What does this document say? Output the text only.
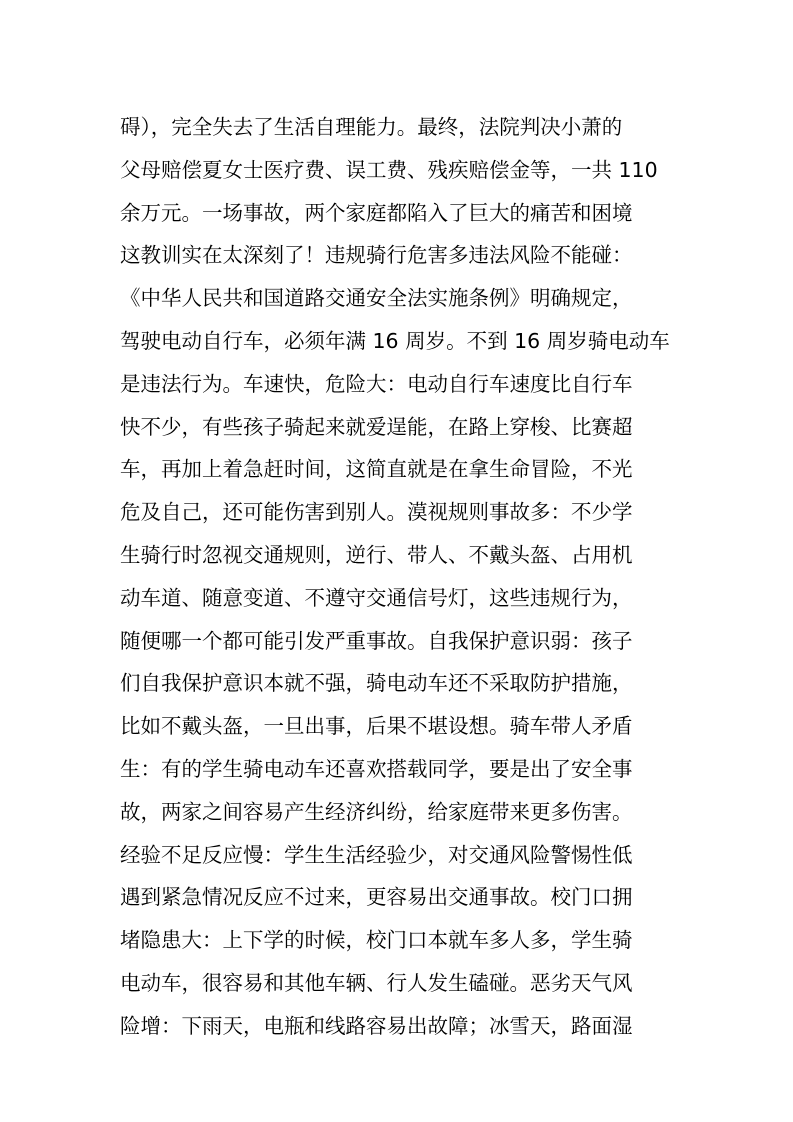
碍），完全失去了生活自理能力。最终，法院判决小萧的
父母赔偿夏女士医疗费、误工费、残疾赔偿金等，一共 110
余万元。一场事故，两个家庭都陷入了巨大的痛苦和困境
这教训实在太深刻了！违规骑行危害多违法风险不能碰：
《中华人民共和国道路交通安全法实施条例》明确规定，
驾驶电动自行车，必须年满 16 周岁。不到 16 周岁骑电动车
是违法行为。车速快，危险大：电动自行车速度比自行车
快不少，有些孩子骑起来就爱逞能，在路上穿梭、比赛超
车，再加上着急赶时间，这简直就是在拿生命冒险，不光
危及自己，还可能伤害到别人。漠视规则事故多：不少学
生骑行时忽视交通规则，逆行、带人、不戴头盔、占用机
动车道、随意变道、不遵守交通信号灯，这些违规行为，
随便哪一个都可能引发严重事故。自我保护意识弱：孩子
们自我保护意识本就不强，骑电动车还不采取防护措施，
比如不戴头盔，一旦出事，后果不堪设想。骑车带人矛盾
生：有的学生骑电动车还喜欢搭载同学，要是出了安全事
故，两家之间容易产生经济纠纷，给家庭带来更多伤害。
经验不足反应慢：学生生活经验少，对交通风险警惕性低
遇到紧急情况反应不过来，更容易出交通事故。校门口拥
堵隐患大：上下学的时候，校门口本就车多人多，学生骑
电动车，很容易和其他车辆、行人发生磕碰。恶劣天气风
险增：下雨天，电瓶和线路容易出故障；冰雪天，路面湿
